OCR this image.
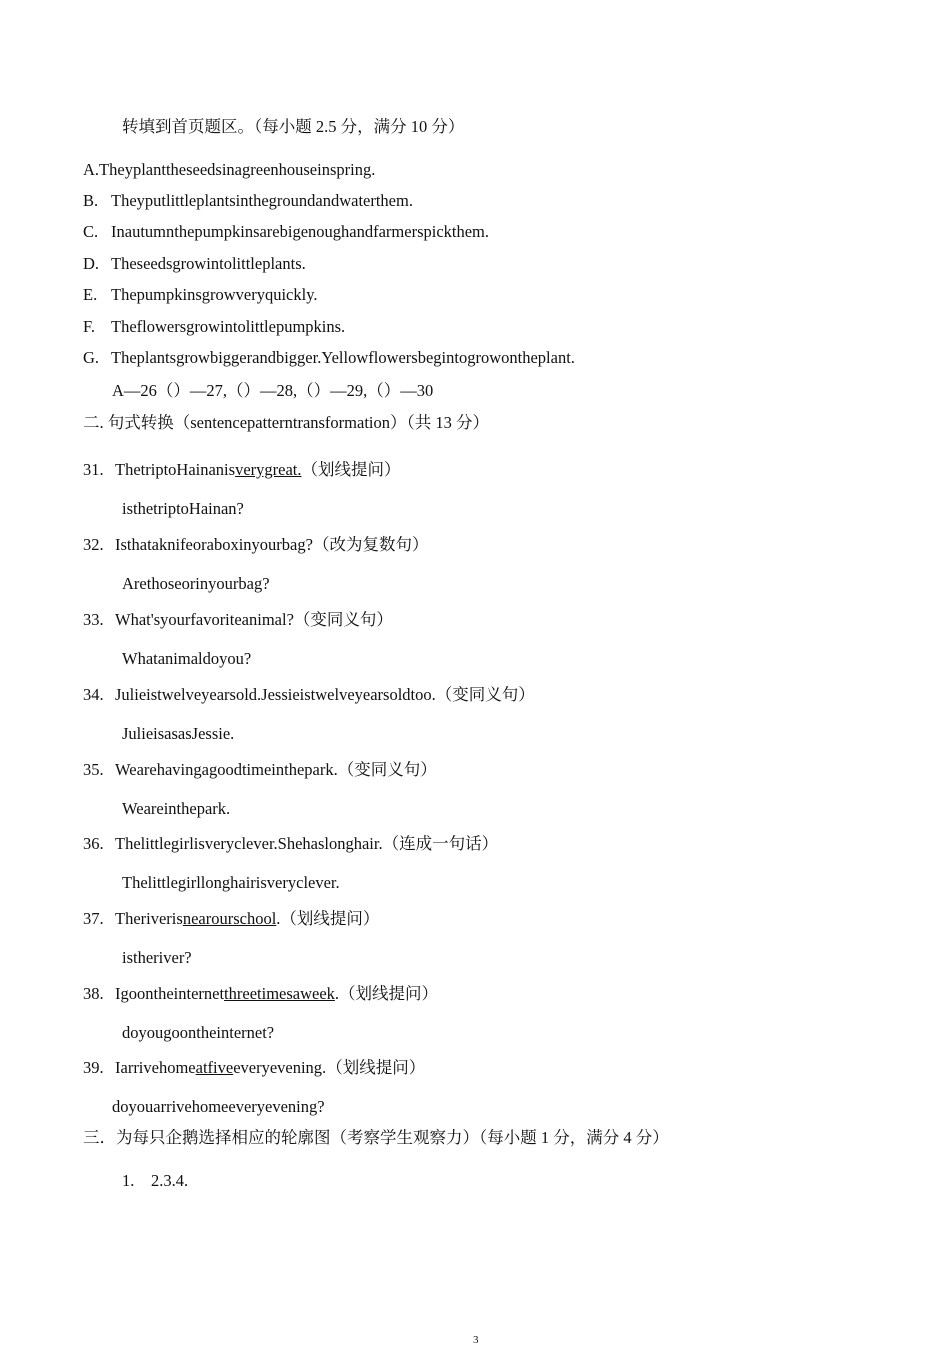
转填到首页题区。（每小题 2.5 分，满分 10 分）
A.Theyplanttheseedsinagreenhouseinspring.
B. Theyputlittleplantsinthegroundandwaterthem.
C. Inautumnthepumpkinsarebigenoughandfarmerspickthem.
D. Theseedsgrowintolittleplants.
E. Thepumpkinsgrowveryquickly.
F. Theflowersgrowintolittlepumpkins.
G. Theplantsgrowbiggerandbigger.Yellowflowersbegintogrowontheplant.
A—26（）—27,（）—28,（）—29,（）—30
二. 句式转换（sentencepatterntransformation）（共 13 分）
31. ThetriptoHainanisverygreat.（划线提问）
isthetriptoHainan?
32. Isthataknifeoraboxinyourbag?（改为复数句）
Arethoseorinyourbag?
33. What'syourfavoriteanimal?（变同义句）
Whatanimaldoyou?
34. Julieistwelveyearsold.Jessieistwelveyearsoldtoo.（变同义句）
JulieisasasJessie.
35. Wearehavingagoodtimeinthepark.（变同义句）
Weareinthepark.
36. Thelittlegirlisveryclever.Shehaslonghair.（连成一句话）
Thelittlegirllonghairisveryclever.
37. Theriverisnearourschool.（划线提问）
istheriver?
38. Igoontheinternetthreetimesaweek.（划线提问）
doyougoontheinternet?
39. Iarrivehomeatfiveeveryevening.（划线提问）
doyouarrivehomeeveryevening?
三．为每只企鹅选择相应的轮廓图（考察学生观察力）（每小题 1 分，满分 4 分）
1. 2.3.4.
3
